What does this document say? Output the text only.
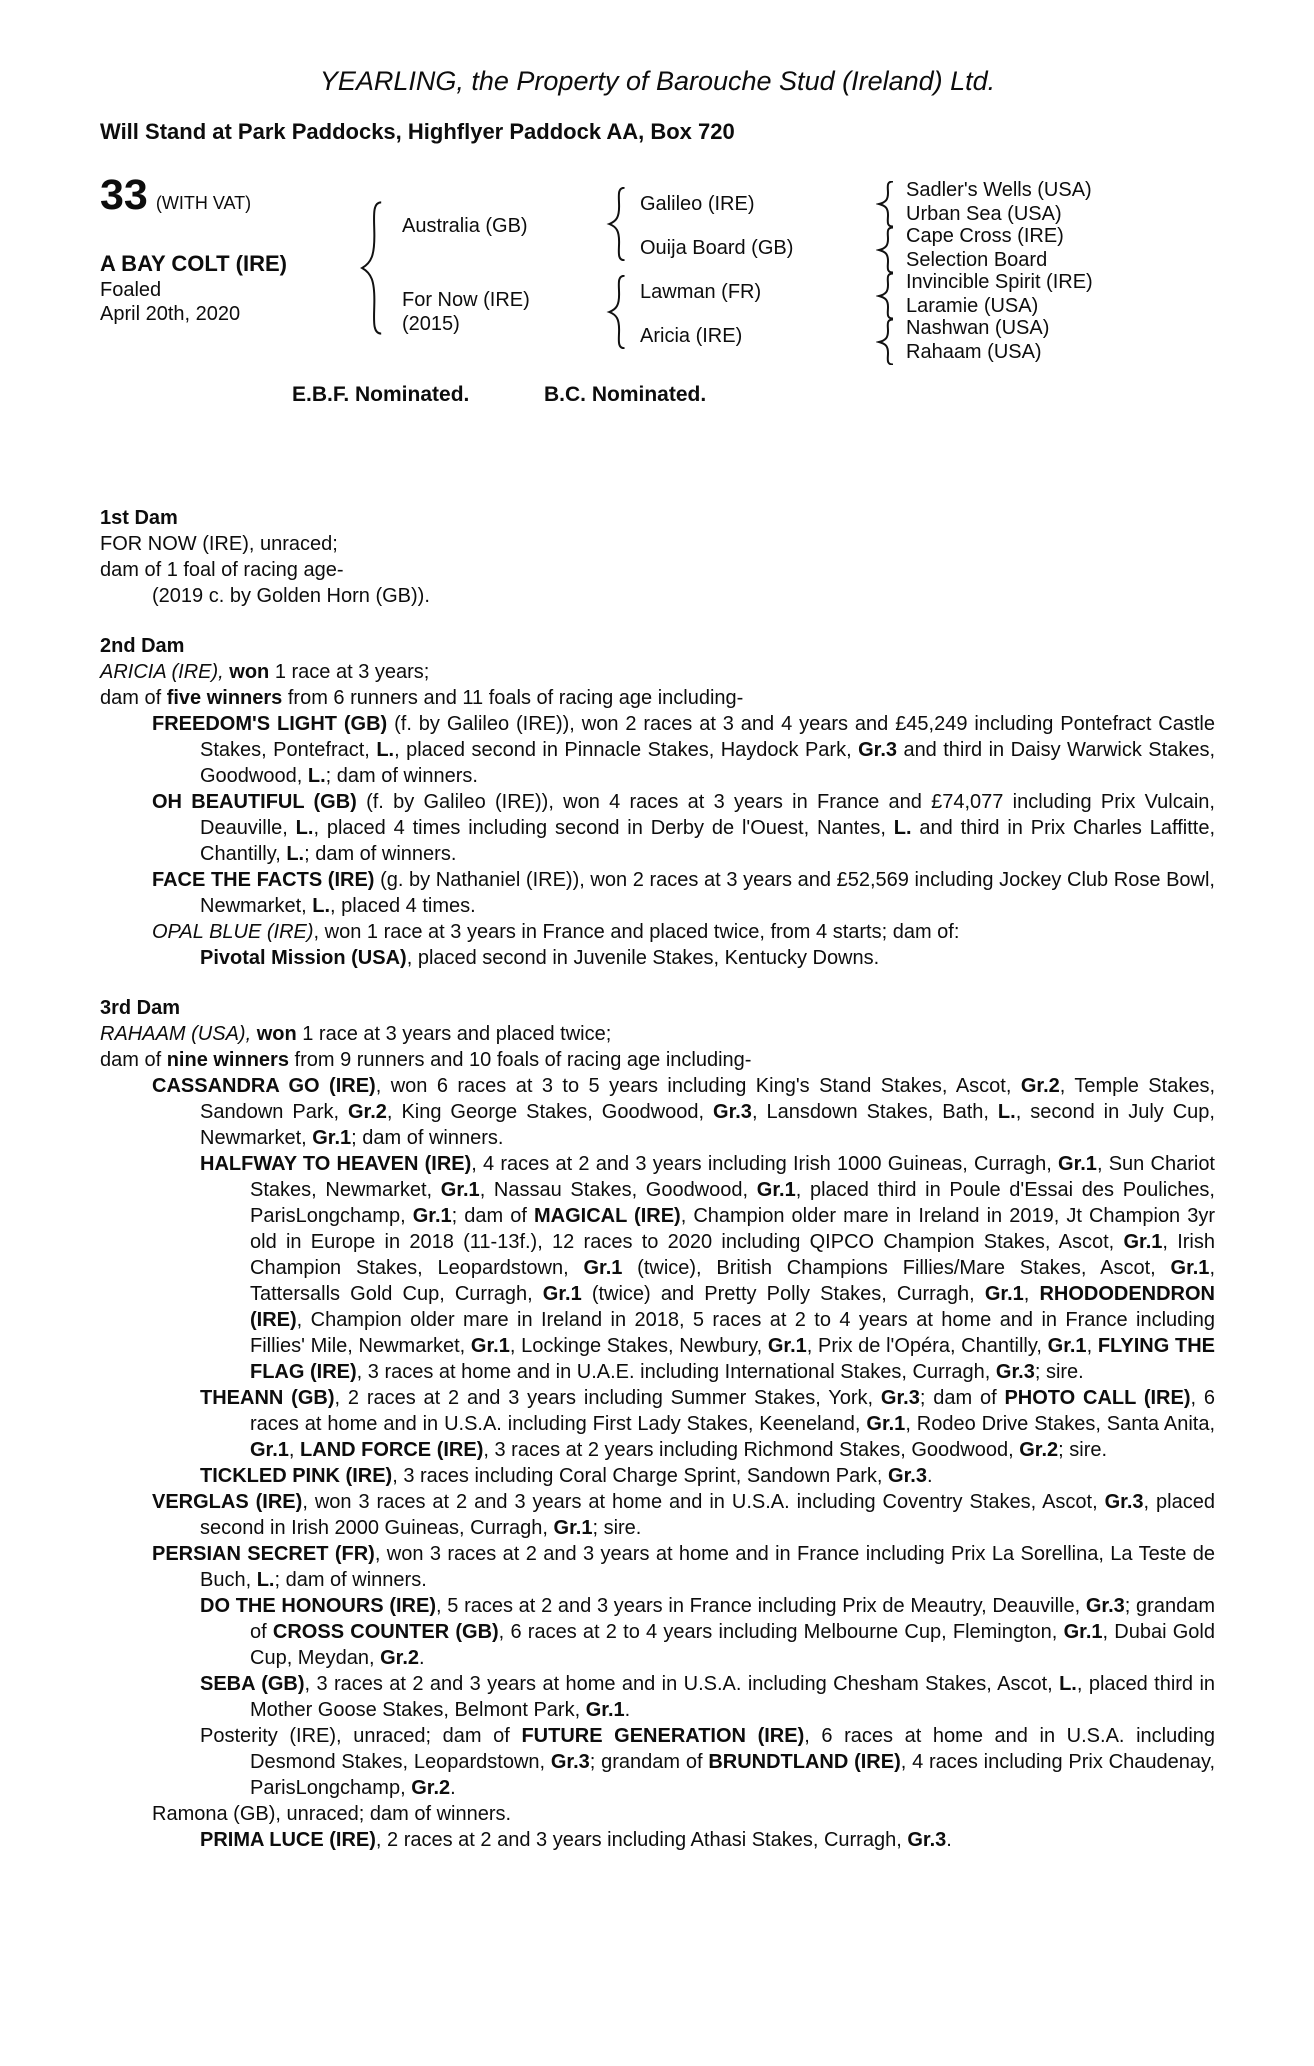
YEARLING, the Property of Barouche Stud (Ireland) Ltd.
Will Stand at Park Paddocks, Highflyer Paddock AA, Box 720
33 (WITH VAT)
A BAY COLT (IRE)
Foaled
April 20th, 2020
Australia (GB)
For Now (IRE)
(2015)
Galileo (IRE)
Ouija Board (GB)
Lawman (FR)
Aricia (IRE)
Sadler's Wells (USA)
Urban Sea (USA)
Cape Cross (IRE)
Selection Board
Invincible Spirit (IRE)
Laramie (USA)
Nashwan (USA)
Rahaam (USA)
E.B.F. Nominated.	B.C. Nominated.
1st Dam

FOR NOW (IRE), unraced;

dam of 1 foal of racing age-

(2019 c. by Golden Horn (GB)).

2nd Dam

ARICIA (IRE), won 1 race at 3 years;

dam of five winners from 6 runners and 11 foals of racing age including-

FREEDOM'S LIGHT (GB) (f. by Galileo (IRE)), won 2 races at 3 and 4 years and £45,249 including Pontefract Castle Stakes, Pontefract, L., placed second in Pinnacle Stakes, Haydock Park, Gr.3 and third in Daisy Warwick Stakes, Goodwood, L.; dam of winners.

OH BEAUTIFUL (GB) (f. by Galileo (IRE)), won 4 races at 3 years in France and £74,077 including Prix Vulcain, Deauville, L., placed 4 times including second in Derby de l'Ouest, Nantes, L. and third in Prix Charles Laffitte, Chantilly, L.; dam of winners.

FACE THE FACTS (IRE) (g. by Nathaniel (IRE)), won 2 races at 3 years and £52,569 including Jockey Club Rose Bowl, Newmarket, L., placed 4 times.

OPAL BLUE (IRE), won 1 race at 3 years in France and placed twice, from 4 starts; dam of:

Pivotal Mission (USA), placed second in Juvenile Stakes, Kentucky Downs.

3rd Dam

RAHAAM (USA), won 1 race at 3 years and placed twice;

dam of nine winners from 9 runners and 10 foals of racing age including-

CASSANDRA GO (IRE), won 6 races at 3 to 5 years including King's Stand Stakes, Ascot, Gr.2, Temple Stakes, Sandown Park, Gr.2, King George Stakes, Goodwood, Gr.3, Lansdown Stakes, Bath, L., second in July Cup, Newmarket, Gr.1; dam of winners.

HALFWAY TO HEAVEN (IRE), 4 races at 2 and 3 years including Irish 1000 Guineas, Curragh, Gr.1, Sun Chariot Stakes, Newmarket, Gr.1, Nassau Stakes, Goodwood, Gr.1, placed third in Poule d'Essai des Pouliches, ParisLongchamp, Gr.1; dam of MAGICAL (IRE), Champion older mare in Ireland in 2019, Jt Champion 3yr old in Europe in 2018 (11-13f.), 12 races to 2020 including QIPCO Champion Stakes, Ascot, Gr.1, Irish Champion Stakes, Leopardstown, Gr.1 (twice), British Champions Fillies/Mare Stakes, Ascot, Gr.1, Tattersalls Gold Cup, Curragh, Gr.1 (twice) and Pretty Polly Stakes, Curragh, Gr.1, RHODODENDRON (IRE), Champion older mare in Ireland in 2018, 5 races at 2 to 4 years at home and in France including Fillies' Mile, Newmarket, Gr.1, Lockinge Stakes, Newbury, Gr.1, Prix de l'Opéra, Chantilly, Gr.1, FLYING THE FLAG (IRE), 3 races at home and in U.A.E. including International Stakes, Curragh, Gr.3; sire.

THEANN (GB), 2 races at 2 and 3 years including Summer Stakes, York, Gr.3; dam of PHOTO CALL (IRE), 6 races at home and in U.S.A. including First Lady Stakes, Keeneland, Gr.1, Rodeo Drive Stakes, Santa Anita, Gr.1, LAND FORCE (IRE), 3 races at 2 years including Richmond Stakes, Goodwood, Gr.2; sire.

TICKLED PINK (IRE), 3 races including Coral Charge Sprint, Sandown Park, Gr.3.

VERGLAS (IRE), won 3 races at 2 and 3 years at home and in U.S.A. including Coventry Stakes, Ascot, Gr.3, placed second in Irish 2000 Guineas, Curragh, Gr.1; sire.

PERSIAN SECRET (FR), won 3 races at 2 and 3 years at home and in France including Prix La Sorellina, La Teste de Buch, L.; dam of winners.

DO THE HONOURS (IRE), 5 races at 2 and 3 years in France including Prix de Meautry, Deauville, Gr.3; grandam of CROSS COUNTER (GB), 6 races at 2 to 4 years including Melbourne Cup, Flemington, Gr.1, Dubai Gold Cup, Meydan, Gr.2.

SEBA (GB), 3 races at 2 and 3 years at home and in U.S.A. including Chesham Stakes, Ascot, L., placed third in Mother Goose Stakes, Belmont Park, Gr.1.

Posterity (IRE), unraced; dam of FUTURE GENERATION (IRE), 6 races at home and in U.S.A. including Desmond Stakes, Leopardstown, Gr.3; grandam of BRUNDTLAND (IRE), 4 races including Prix Chaudenay, ParisLongchamp, Gr.2.

Ramona (GB), unraced; dam of winners.

PRIMA LUCE (IRE), 2 races at 2 and 3 years including Athasi Stakes, Curragh, Gr.3.
